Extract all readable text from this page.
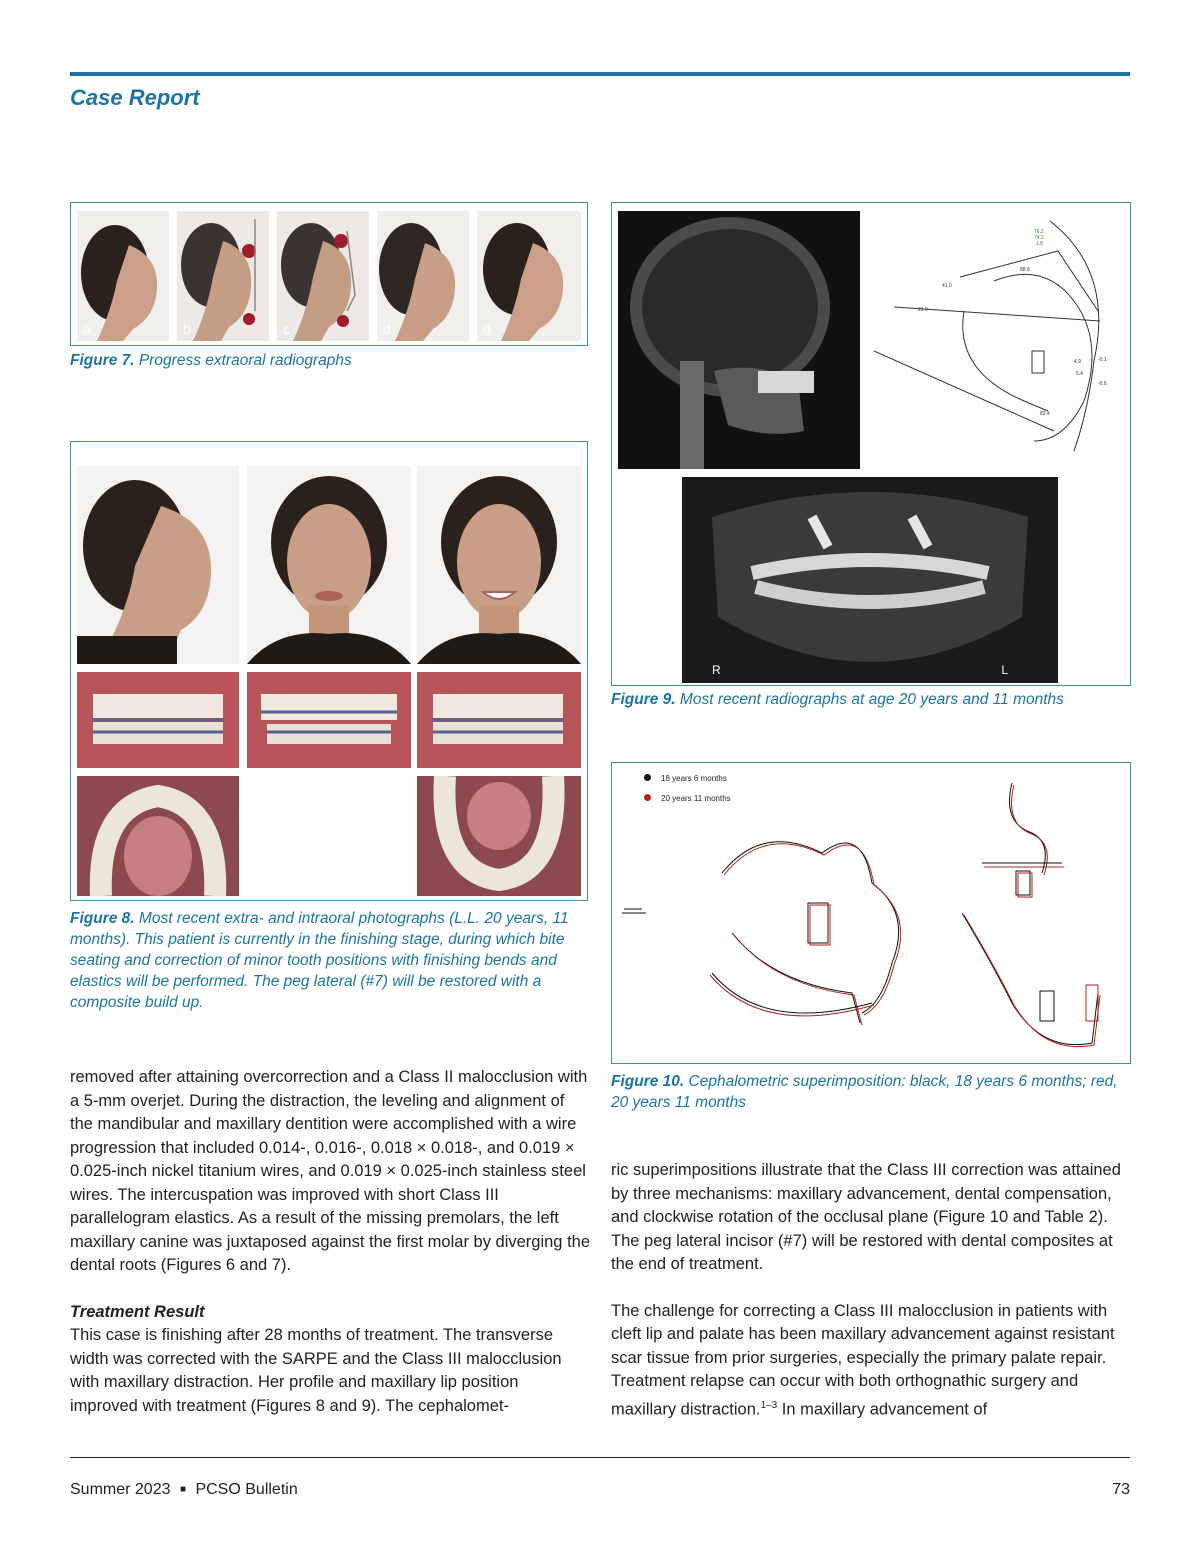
Case Report
a	b	c	d	d
Figure 7. Progress extraoral radiographs
Figure 8. Most recent extra- and intraoral photographs (L.L. 20 years, 11 months). This patient is currently in the finishing stage, during which bite seating and correction of minor tooth positions with finishing bends and elastics will be performed. The peg lateral (#7) will be restored with a composite build up.
76.2
74.2
1.8
88.6
41.0
21.9
4.9
5.4
-0.1
-0.6
83.4
R	L
Figure 9. Most recent radiographs at age 20 years and 11 months
18 years 6 months
20 years 11 months
Figure 10. Cephalometric superimposition: black, 18 years 6 months; red, 20 years 11 months

removed after attaining overcorrection and a Class II malocclusion with a 5-mm overjet. During the distraction, the leveling and alignment of the mandibular and maxillary dentition were accomplished with a wire progression that included 0.014-, 0.016-, 0.018 × 0.018-, and 0.019 × 0.025-inch nickel titanium wires, and 0.019 × 0.025-inch stainless steel wires. The intercuspation was improved with short Class III parallelogram elastics. As a result of the missing premolars, the left maxillary canine was juxtaposed against the first molar by diverging the dental roots (Figures 6 and 7).

Treatment Result

This case is finishing after 28 months of treatment. The transverse width was corrected with the SARPE and the Class III malocclusion with maxillary distraction. Her profile and maxillary lip position improved with treatment (Figures 8 and 9). The cephalomet-

ric superimpositions illustrate that the Class III correction was attained by three mechanisms: maxillary advancement, dental compensation, and clockwise rotation of the occlusal plane (Figure 10 and Table 2). The peg lateral incisor (#7) will be restored with dental composites at the end of treatment.

The challenge for correcting a Class III malocclusion in patients with cleft lip and palate has been maxillary advancement against resistant scar tissue from prior surgeries, especially the primary palate repair. Treatment relapse can occur with both orthognathic surgery and maxillary distraction.$^{1-3}$ In maxillary advancement of

Summer 2023 ■ PCSO Bulletin	73
